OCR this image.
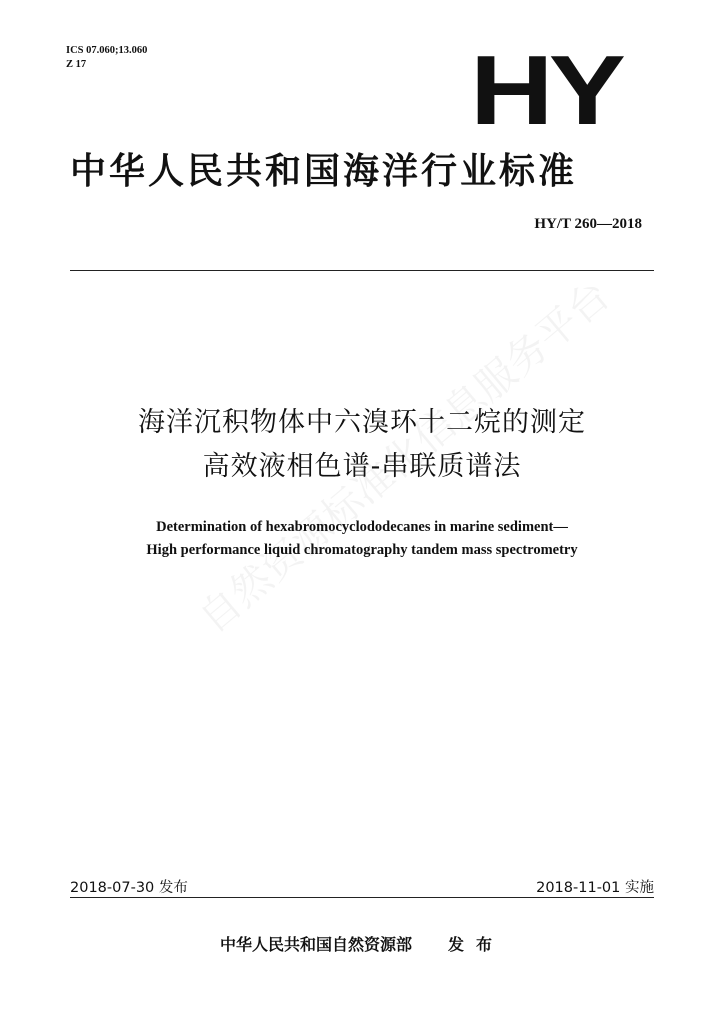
ICS 07.060;13.060
Z 17	HY
中华人民共和国海洋行业标准
HY/T 260—2018
海洋沉积物体中六溴环十二烷的测定
高效液相色谱-串联质谱法
Determination of hexabromocyclododecanes in marine sediment—
High performance liquid chromatography tandem mass spectrometry
2018-07-30 发布	2018-11-01 实施
中华人民共和国自然资源部 发布
